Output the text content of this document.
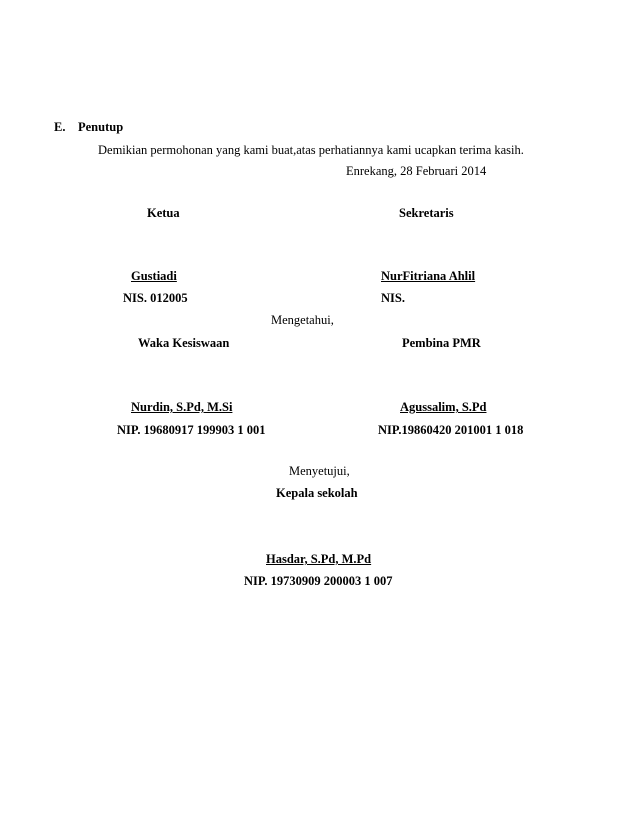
E. Penutup
Demikian permohonan yang kami buat,atas perhatiannya kami ucapkan terima kasih.
Enrekang, 28 Februari 2014
Ketua	Sekretaris
Gustiadi	NurFitriana Ahlil
NIS. 012005	NIS.
Mengetahui,
Waka Kesiswaan	Pembina PMR
Nurdin, S.Pd, M.Si	Agussalim, S.Pd
NIP. 19680917 199903 1 001	NIP.19860420 201001 1 018
Menyetujui,
Kepala sekolah
Hasdar, S.Pd, M.Pd
NIP. 19730909 200003 1 007
